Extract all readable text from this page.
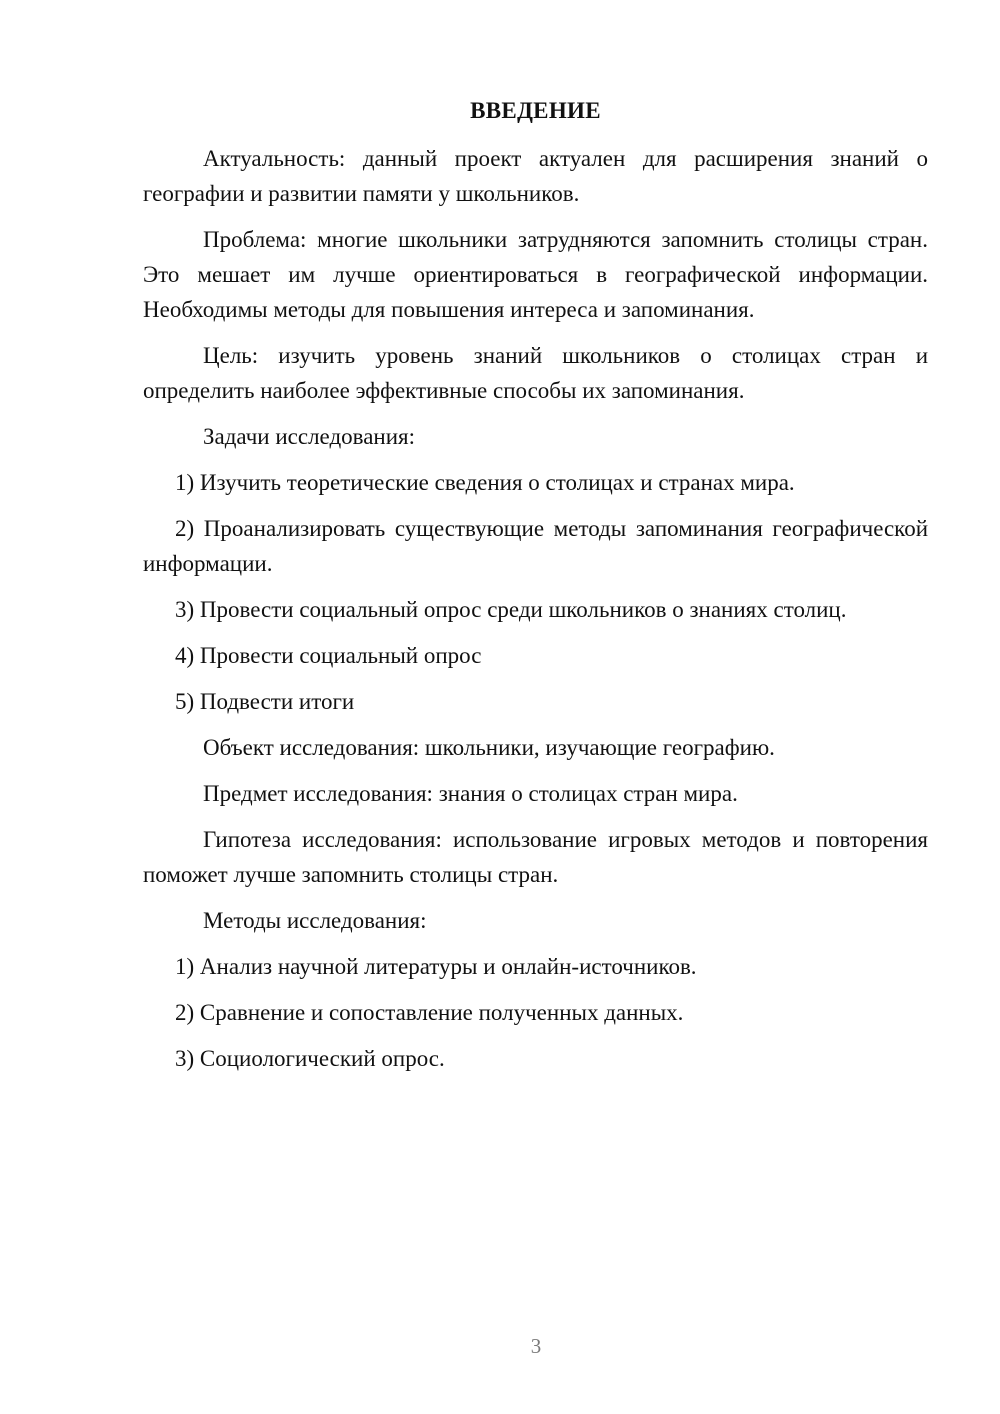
ВВЕДЕНИЕ

Актуальность: данный проект актуален для расширения знаний о географии и развитии памяти у школьников.

Проблема: многие школьники затрудняются запомнить столицы стран. Это мешает им лучше ориентироваться в географической информации. Необходимы методы для повышения интереса и запоминания.

Цель: изучить уровень знаний школьников о столицах стран и определить наиболее эффективные способы их запоминания.

Задачи исследования:

1) Изучить теоретические сведения о столицах и странах мира.

2) Проанализировать существующие методы запоминания географической информации.

3) Провести социальный опрос среди школьников о знаниях столиц.

4) Провести социальный опрос

5) Подвести итоги

Объект исследования: школьники, изучающие географию.

Предмет исследования: знания о столицах стран мира.

Гипотеза исследования: использование игровых методов и повторения поможет лучше запомнить столицы стран.

Методы исследования:

1) Анализ научной литературы и онлайн-источников.

2) Сравнение и сопоставление полученных данных.

3) Социологический опрос.

3
